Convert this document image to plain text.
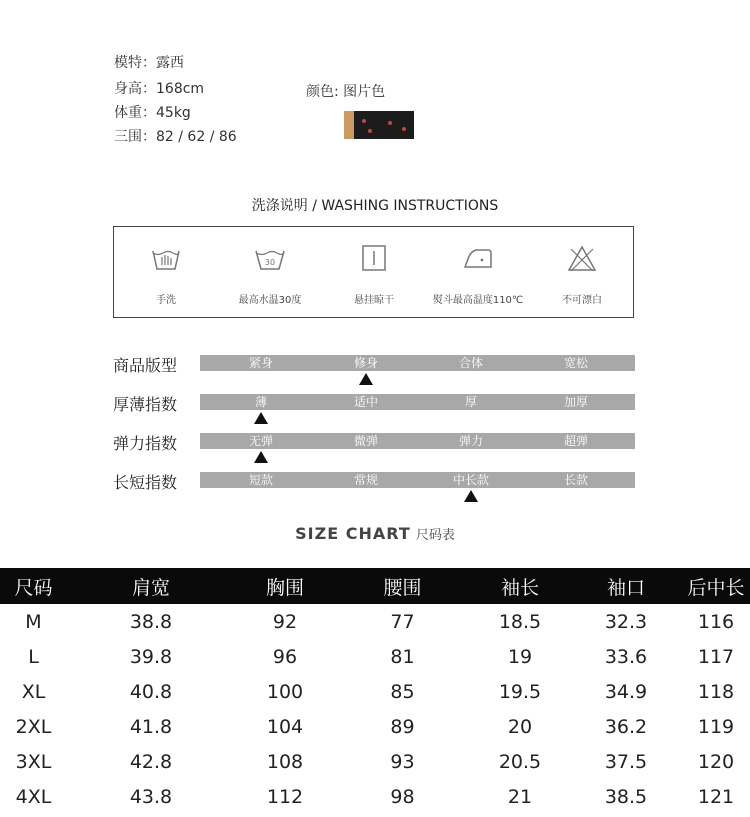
模特：露西
身高：168cm
体重：45kg
三围：82 / 62 / 86
颜色: 图片色
洗涤说明 / WASHING INSTRUCTIONS
手洗
30
最高水温30度	悬挂晾干	熨斗最高温度110℃	不可漂白
商品版型	紧身	修身	合体	宽松
厚薄指数	薄	适中	厚	加厚
弹力指数	无弹	微弹	弹力	超弹
长短指数	短款	常规	中长款	长款
SIZE CHART 尺码表
尺码	肩宽	胸围	腰围	袖长	袖口	后中长
M	38.8	92	77	18.5	32.3	116
L	39.8	96	81	19	33.6	117
XL	40.8	100	85	19.5	34.9	118
2XL	41.8	104	89	20	36.2	119
3XL	42.8	108	93	20.5	37.5	120
4XL	43.8	112	98	21	38.5	121
